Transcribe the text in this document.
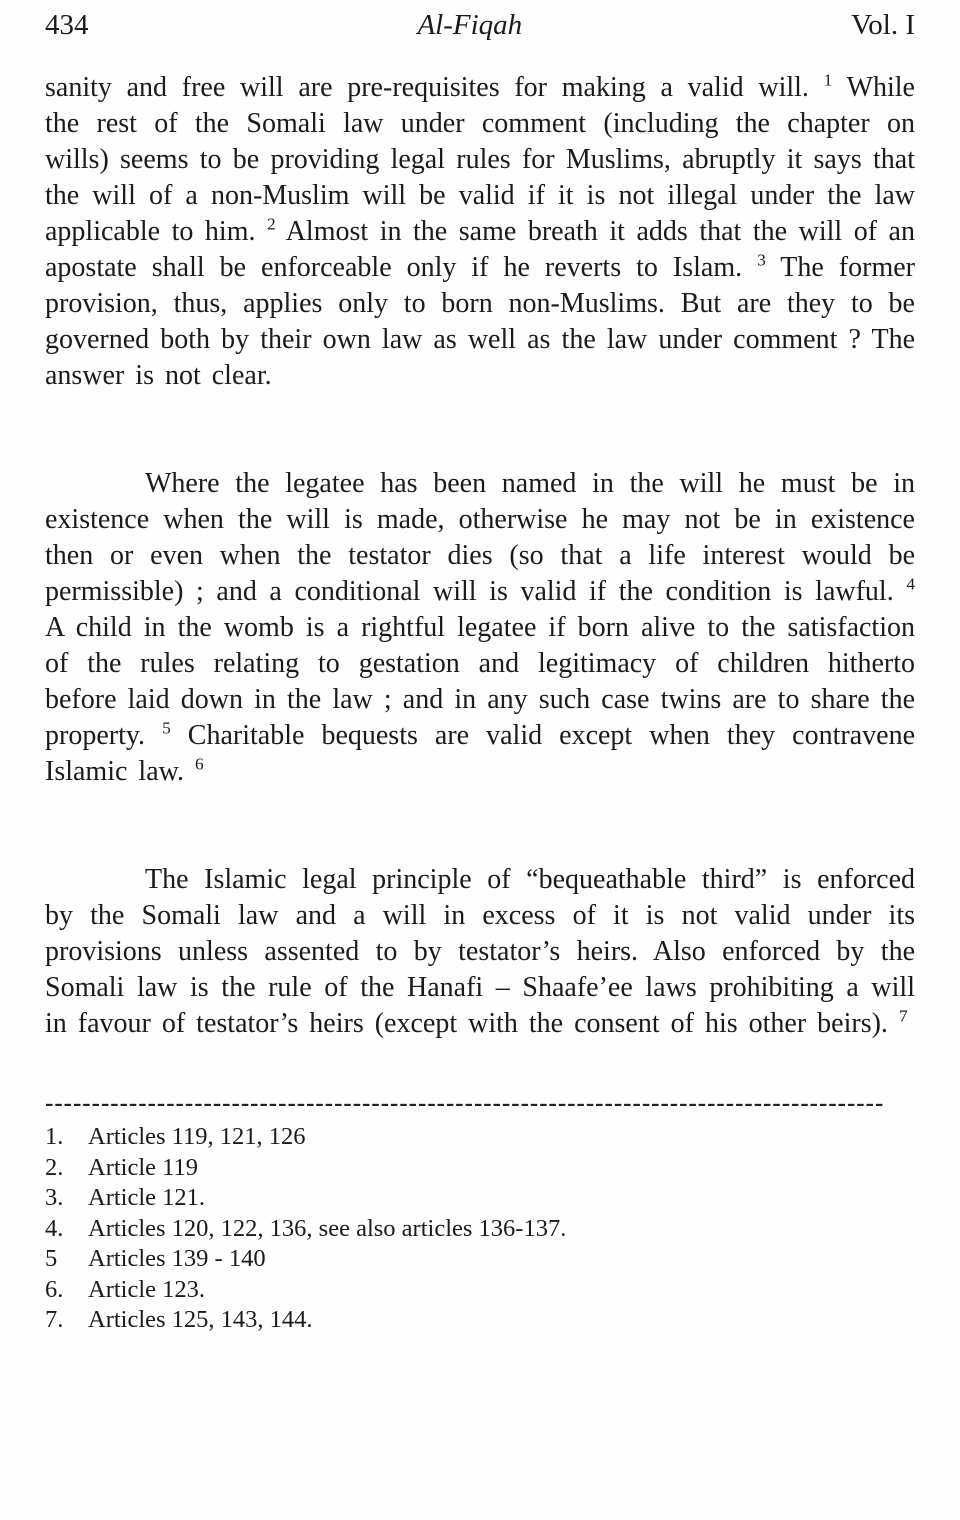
434	Al-Fiqah	Vol. I

sanity and free will are pre-requisites for making a valid will. $^1$ While the rest of the Somali law under comment (including the chapter on wills) seems to be providing legal rules for Muslims, abruptly it says that the will of a non-Muslim will be valid if it is not illegal under the law applicable to him. $^2$ Almost in the same breath it adds that the will of an apostate shall be enforceable only if he reverts to Islam. $^3$ The former provision, thus, applies only to born non-Muslims. But are they to be governed both by their own law as well as the law under comment ? The answer is not clear.

Where the legatee has been named in the will he must be in existence when the will is made, otherwise he may not be in existence then or even when the testator dies (so that a life interest would be permissible) ; and a conditional will is valid if the condition is lawful. $^4$ A child in the womb is a rightful legatee if born alive to the satisfaction of the rules relating to gestation and legitimacy of children hitherto before laid down in the law ; and in any such case twins are to share the property. $^5$ Charitable bequests are valid except when they contravene Islamic law. $^6$

The Islamic legal principle of “bequeathable third” is enforced by the Somali law and a will in excess of it is not valid under its provisions unless assented to by testator’s heirs. Also enforced by the Somali law is the rule of the Hanafi – Shaafe’ee laws prohibiting a will in favour of testator’s heirs (except with the consent of his other beirs). $^7$

------------------------------------------------------------------------------------------
1.	Articles 119, 121, 126
2.	Article 119
3.	Article 121.
4.	Articles 120, 122, 136, see also articles 136-137.
5	Articles 139 - 140
6.	Article 123.
7.	Articles 125, 143, 144.
